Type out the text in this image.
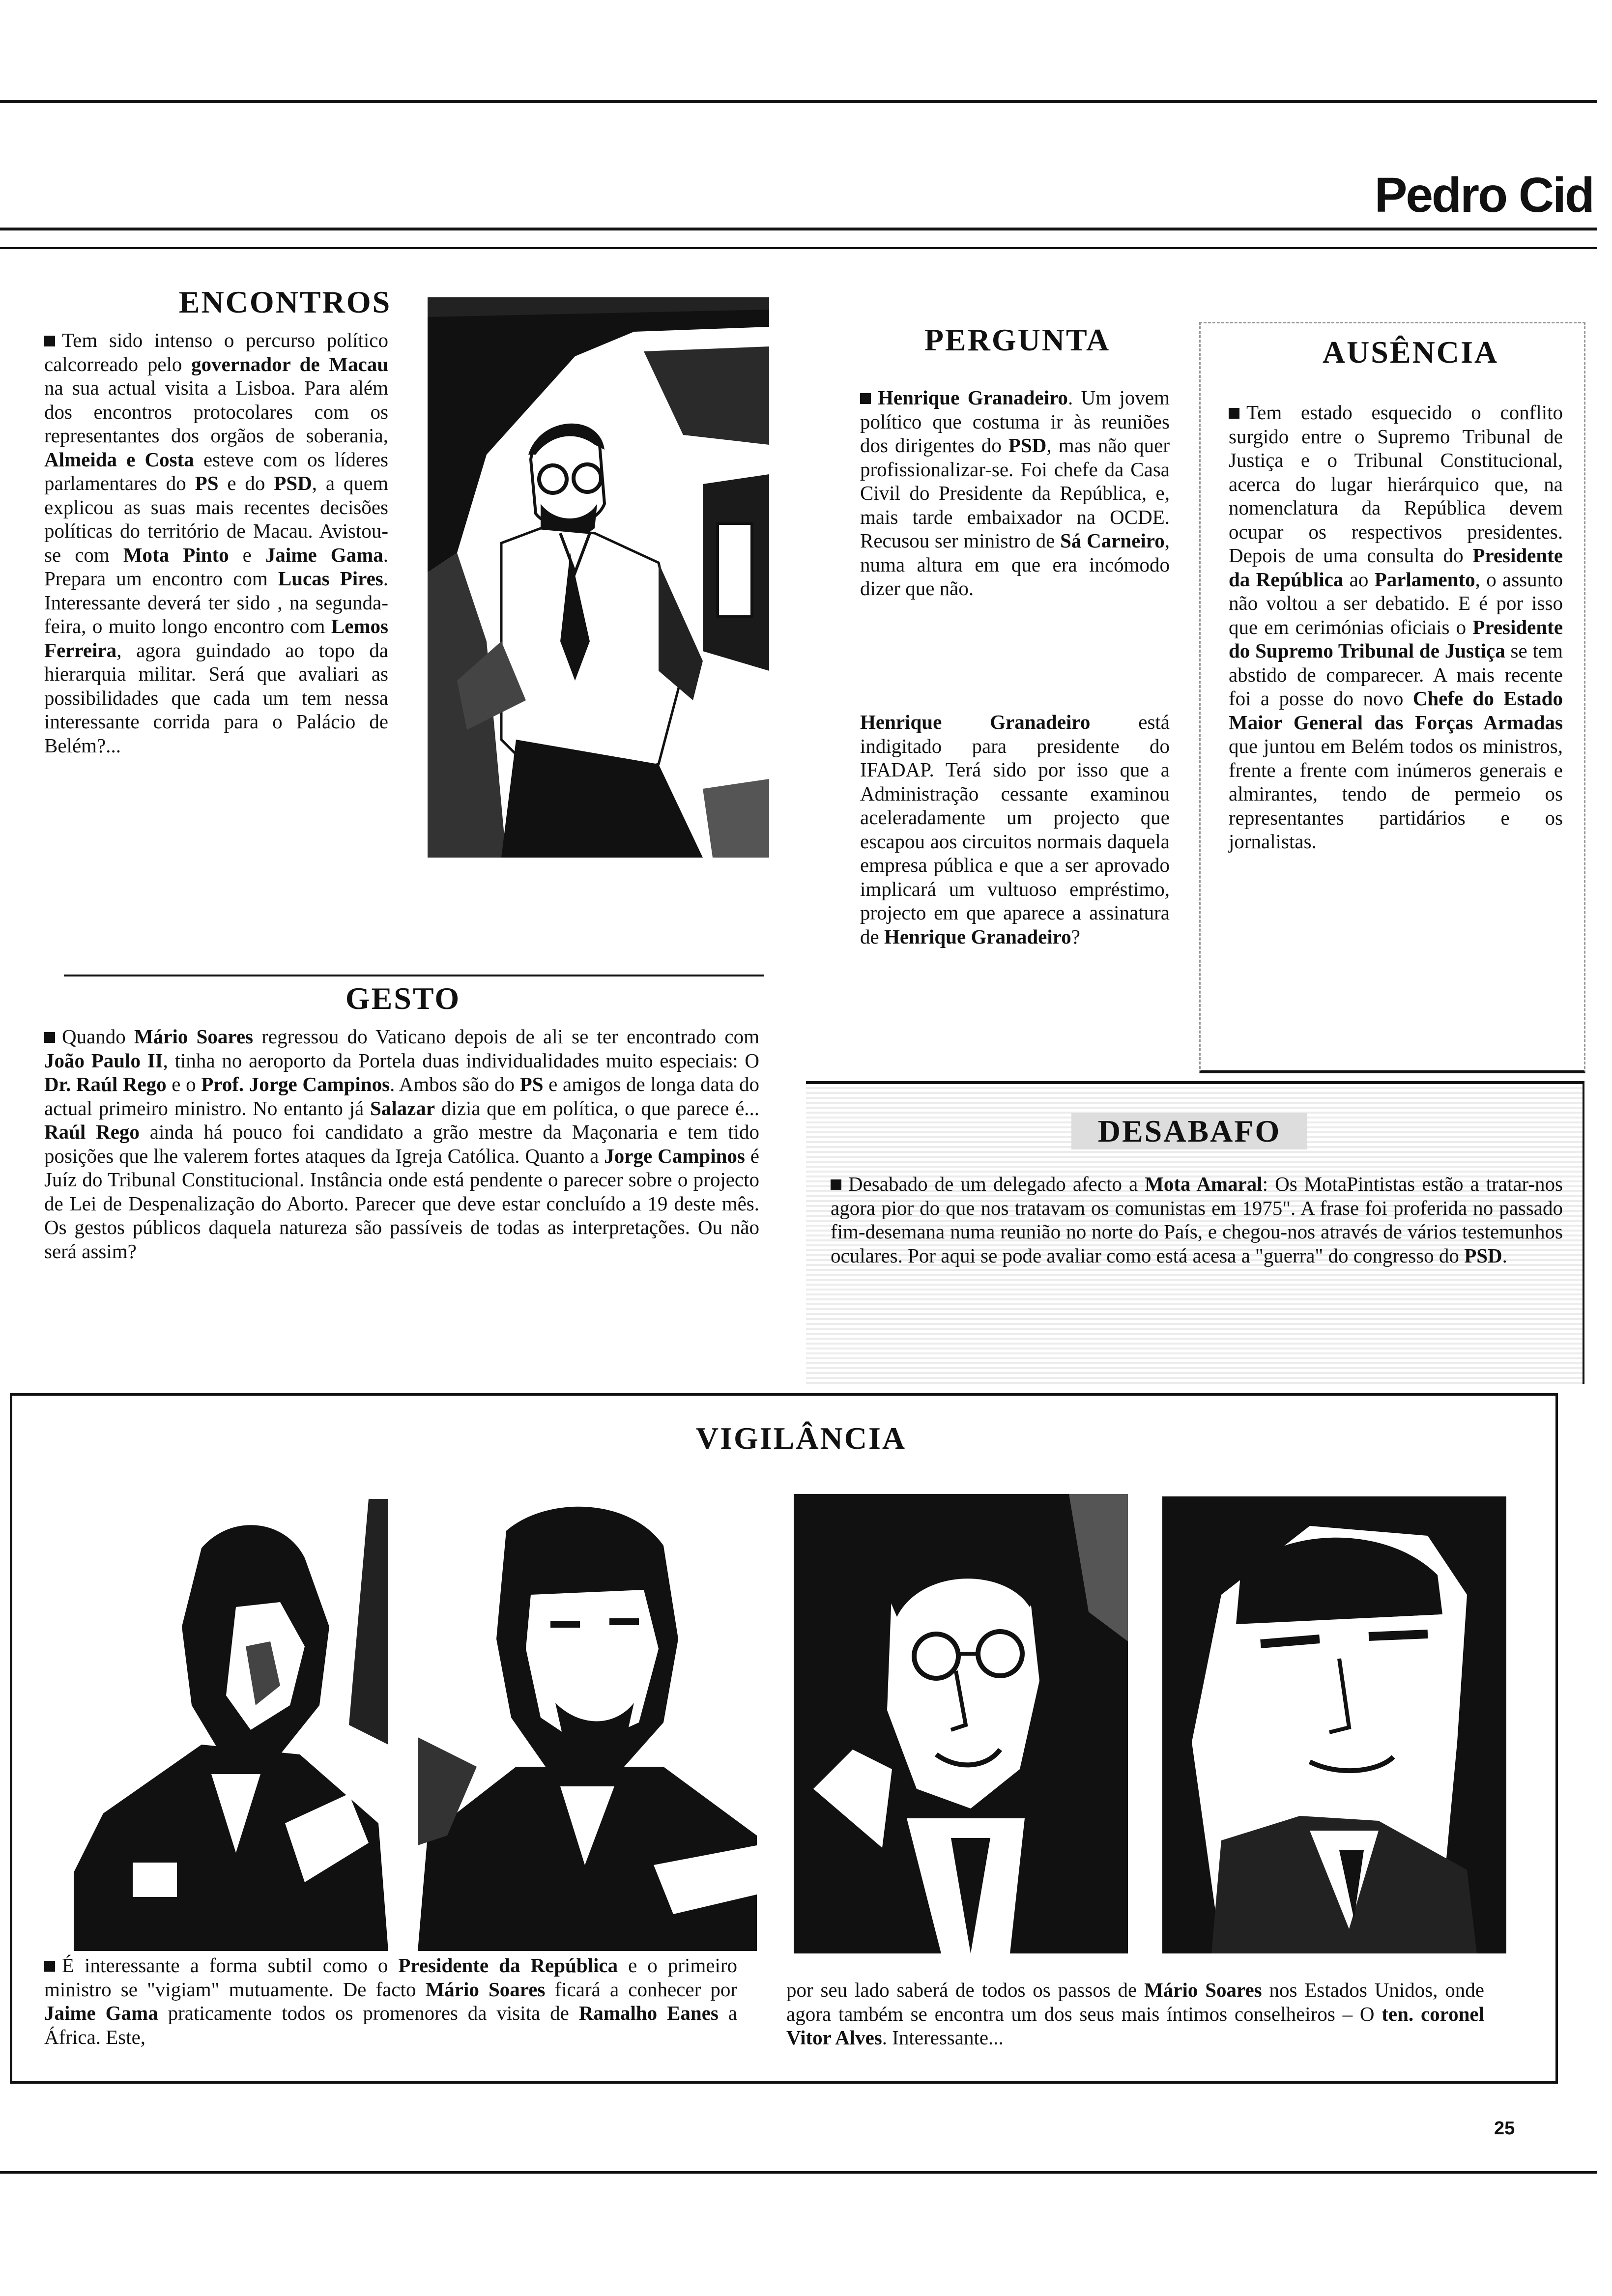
Pedro Cid
ENCONTROS
Tem sido intenso o percurso político calcorreado pelo governador de Macau na sua actual visita a Lisboa. Para além dos encontros protocolares com os representantes dos orgãos de soberania, Almeida e Costa esteve com os líderes parlamentares do PS e do PSD, a quem explicou as suas mais recentes decisões políticas do território de Macau. Avistou-se com Mota Pinto e Jaime Gama. Prepara um encontro com Lucas Pires. Interessante deverá ter sido , na segunda-feira, o muito longo encontro com Lemos Ferreira, agora guindado ao topo da hierarquia militar. Será que avaliari as possibilidades que cada um tem nessa interessante corrida para o Palácio de Belém?...
PERGUNTA
Henrique Granadeiro. Um jovem político que costuma ir às reuniões dos dirigentes do PSD, mas não quer profissionalizar-se. Foi chefe da Casa Civil do Presidente da República, e, mais tarde embaixador na OCDE. Recusou ser ministro de Sá Carneiro, numa altura em que era incómodo dizer que não.
Henrique Granadeiro está indigitado para presidente do IFADAP. Terá sido por isso que a Administração cessante examinou aceleradamente um projecto que escapou aos circuitos normais daquela empresa pública e que a ser aprovado implicará um vultuoso empréstimo, projecto em que aparece a assinatura de Henrique Granadeiro?
AUSÊNCIA
Tem estado esquecido o conflito surgido entre o Supremo Tribunal de Justiça e o Tribunal Constitucional, acerca do lugar hierárquico que, na nomenclatura da República devem ocupar os respectivos presidentes. Depois de uma consulta do Presidente da República ao Parlamento, o assunto não voltou a ser debatido. E é por isso que em cerimónias oficiais o Presidente do Supremo Tribunal de Justiça se tem abstido de comparecer. A mais recente foi a posse do novo Chefe do Estado Maior General das Forças Armadas que juntou em Belém todos os ministros, frente a frente com inúmeros generais e almirantes, tendo de permeio os representantes partidários e os jornalistas.
GESTO
Quando Mário Soares regressou do Vaticano depois de ali se ter encontrado com João Paulo II, tinha no aeroporto da Portela duas individualidades muito especiais: O Dr. Raúl Rego e o Prof. Jorge Campinos. Ambos são do PS e amigos de longa data do actual primeiro ministro. No entanto já Salazar dizia que em política, o que parece é... Raúl Rego ainda há pouco foi candidato a grão mestre da Maçonaria e tem tido posições que lhe valerem fortes ataques da Igreja Católica. Quanto a Jorge Campinos é Juíz do Tribunal Constitucional. Instância onde está pendente o parecer sobre o projecto de Lei de Despenalização do Aborto. Parecer que deve estar concluído a 19 deste mês. Os gestos públicos daquela natureza são passíveis de todas as interpretações. Ou não será assim?
DESABAFO
Desabado de um delegado afecto a Mota Amaral: Os MotaPintistas estão a tratar-nos agora pior do que nos tratavam os comunistas em 1975". A frase foi proferida no passado fim-desemana numa reunião no norte do País, e chegou-nos através de vários testemunhos oculares. Por aqui se pode avaliar como está acesa a "guerra" do congresso do PSD.
VIGILÂNCIA
É interessante a forma subtil como o Presidente da República e o primeiro ministro se "vigiam" mutuamente. De facto Mário Soares ficará a conhecer por Jaime Gama praticamente todos os promenores da visita de Ramalho Eanes a África. Este,
por seu lado saberá de todos os passos de Mário Soares nos Estados Unidos, onde agora também se encontra um dos seus mais íntimos conselheiros – O ten. coronel Vitor Alves. Interessante...
25
